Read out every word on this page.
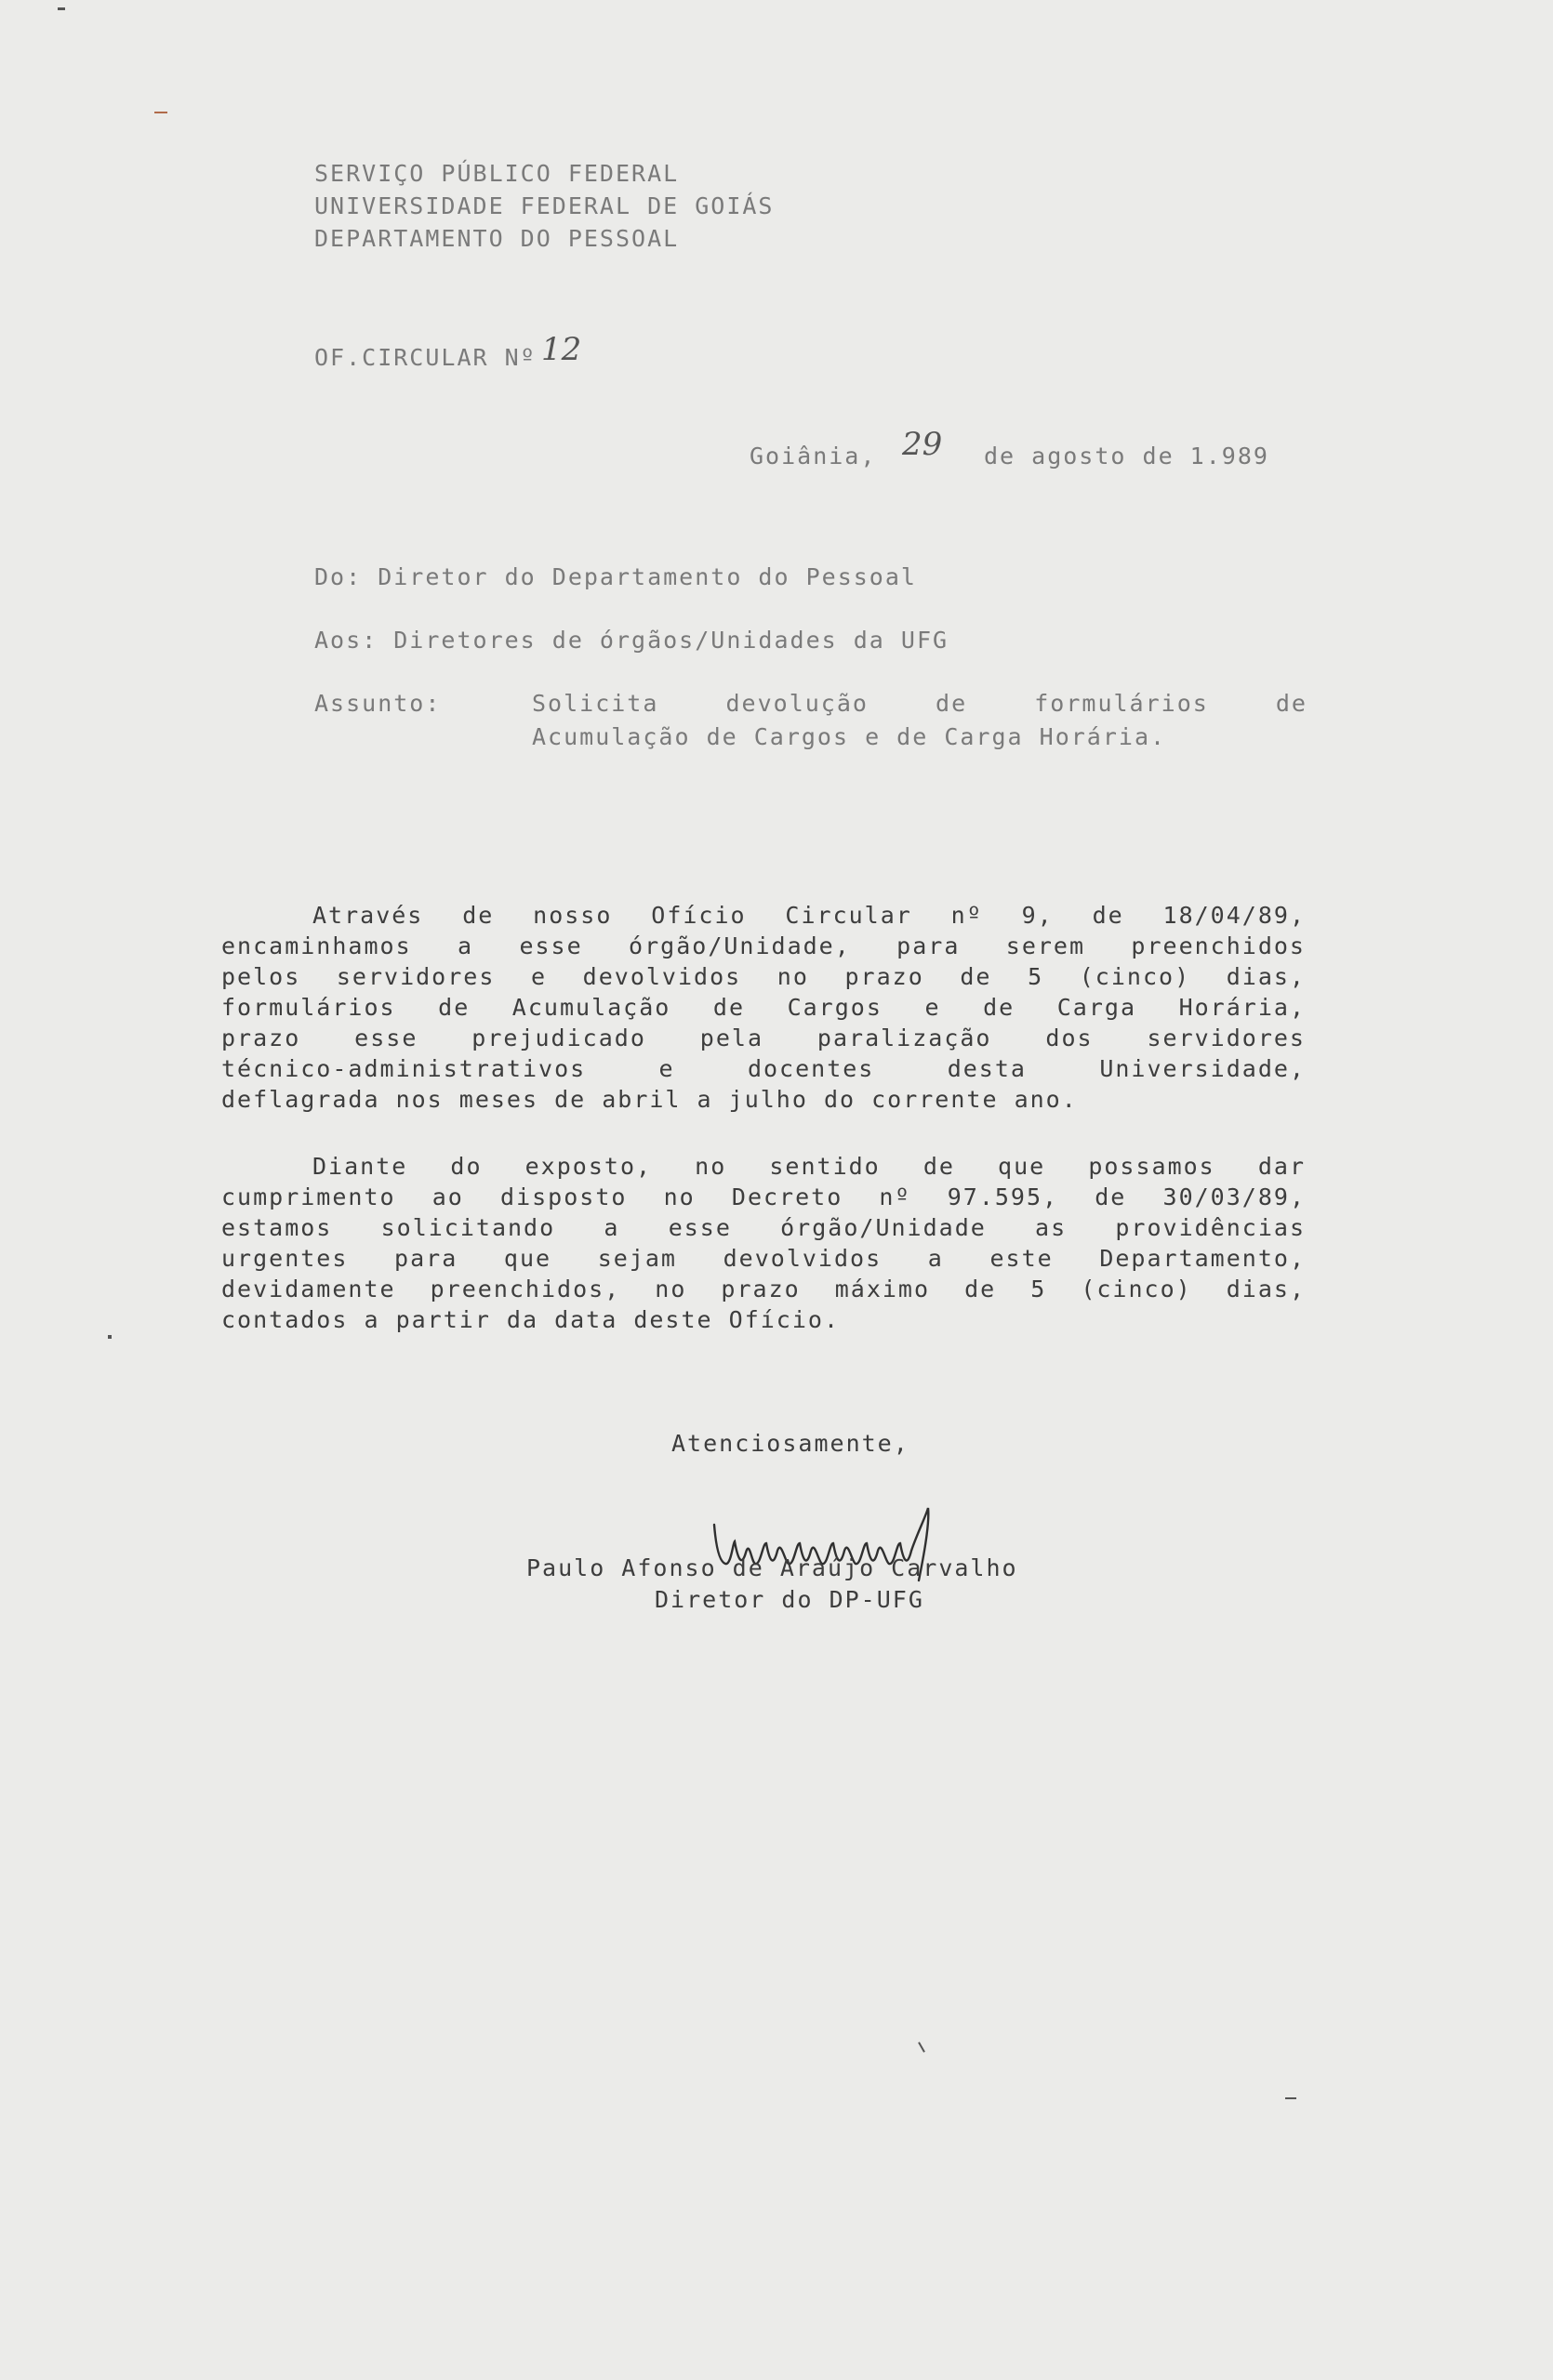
SERVIÇO PÚBLICO FEDERAL
UNIVERSIDADE FEDERAL DE GOIÁS
DEPARTAMENTO DO PESSOAL
OF.CIRCULAR Nº 12
Goiânia, 29 de agosto de 1.989
Do: Diretor do Departamento do Pessoal
Aos: Diretores de órgãos/Unidades da UFG
Assunto:	Solicita devolução de formulários de
Acumulação de Cargos e de Carga Horária.
Através de nosso Ofício Circular nº 9, de 18/04/89,
encaminhamos a esse órgão/Unidade, para serem preenchidos
pelos servidores e devolvidos no prazo de 5 (cinco) dias,
formulários de Acumulação de Cargos e de Carga Horária,
prazo esse prejudicado pela paralização dos servidores
técnico-administrativos e docentes desta Universidade,
deflagrada nos meses de abril a julho do corrente ano.
Diante do exposto, no sentido de que possamos dar
cumprimento ao disposto no Decreto nº 97.595, de 30/03/89,
estamos solicitando a esse órgão/Unidade as providências
urgentes para que sejam devolvidos a este Departamento,
devidamente preenchidos, no prazo máximo de 5 (cinco) dias,
contados a partir da data deste Ofício.
Atenciosamente,
Paulo Afonso de Araújo Carvalho
Diretor do DP-UFG
